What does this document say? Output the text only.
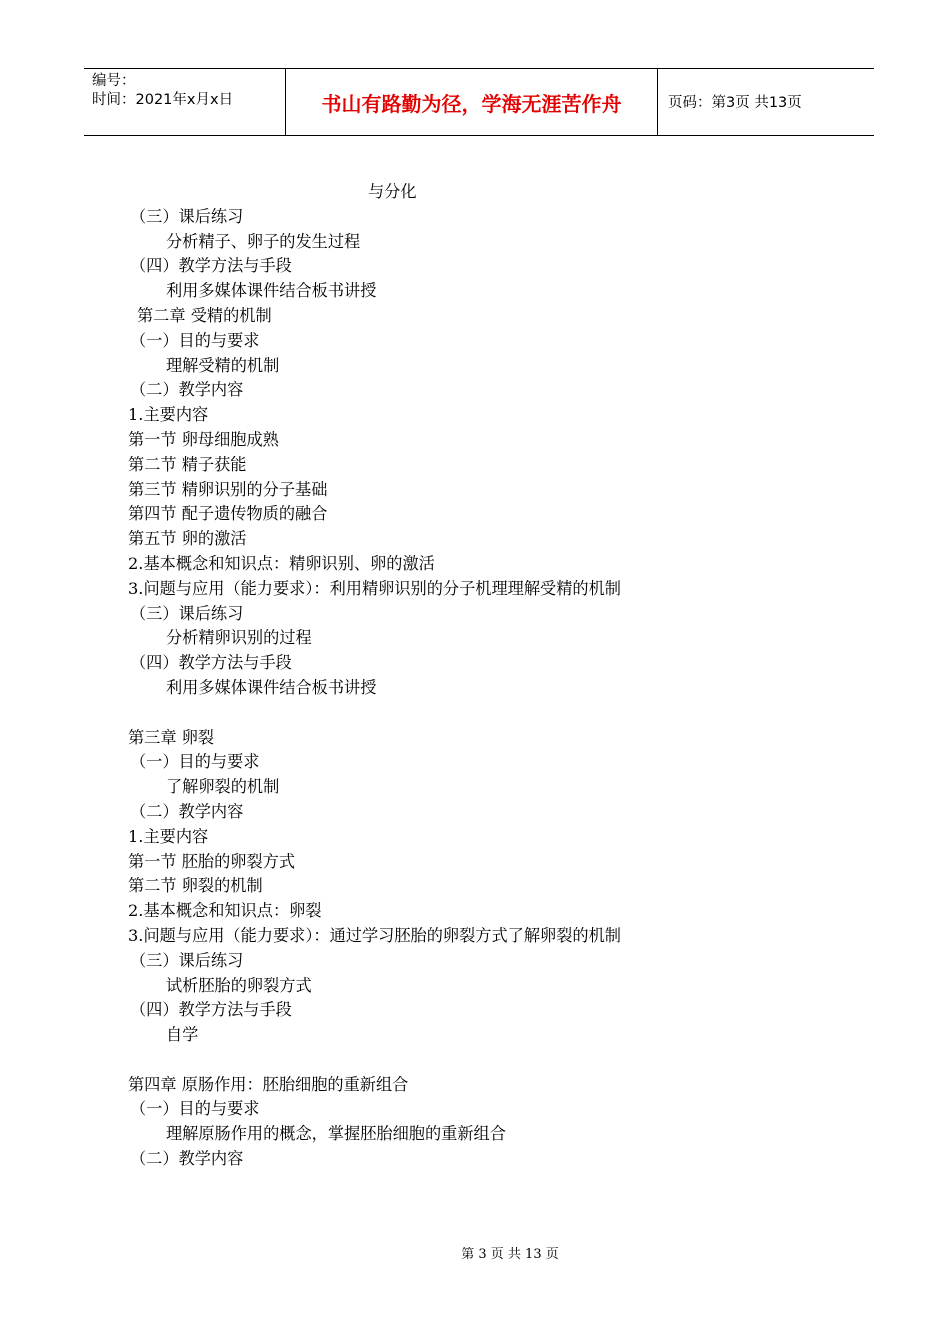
编号：
时间：2021年x月x日	书山有路勤为径，学海无涯苦作舟	页码：第3页 共13页
与分化
（三）课后练习
分析精子、卵子的发生过程
（四）教学方法与手段
利用多媒体课件结合板书讲授
第二章 受精的机制
（一）目的与要求
理解受精的机制
（二）教学内容
1.主要内容
第一节 卵母细胞成熟
第二节 精子获能
第三节 精卵识别的分子基础
第四节 配子遗传物质的融合
第五节 卵的激活
2.基本概念和知识点：精卵识别、卵的激活
3.问题与应用（能力要求）：利用精卵识别的分子机理理解受精的机制
（三）课后练习
分析精卵识别的过程
（四）教学方法与手段
利用多媒体课件结合板书讲授
第三章 卵裂
（一）目的与要求
了解卵裂的机制
（二）教学内容
1.主要内容
第一节 胚胎的卵裂方式
第二节 卵裂的机制
2.基本概念和知识点：卵裂
3.问题与应用（能力要求）：通过学习胚胎的卵裂方式了解卵裂的机制
（三）课后练习
试析胚胎的卵裂方式
（四）教学方法与手段
自学
第四章 原肠作用：胚胎细胞的重新组合
（一）目的与要求
理解原肠作用的概念，掌握胚胎细胞的重新组合
（二）教学内容
第 3 页 共 13 页
